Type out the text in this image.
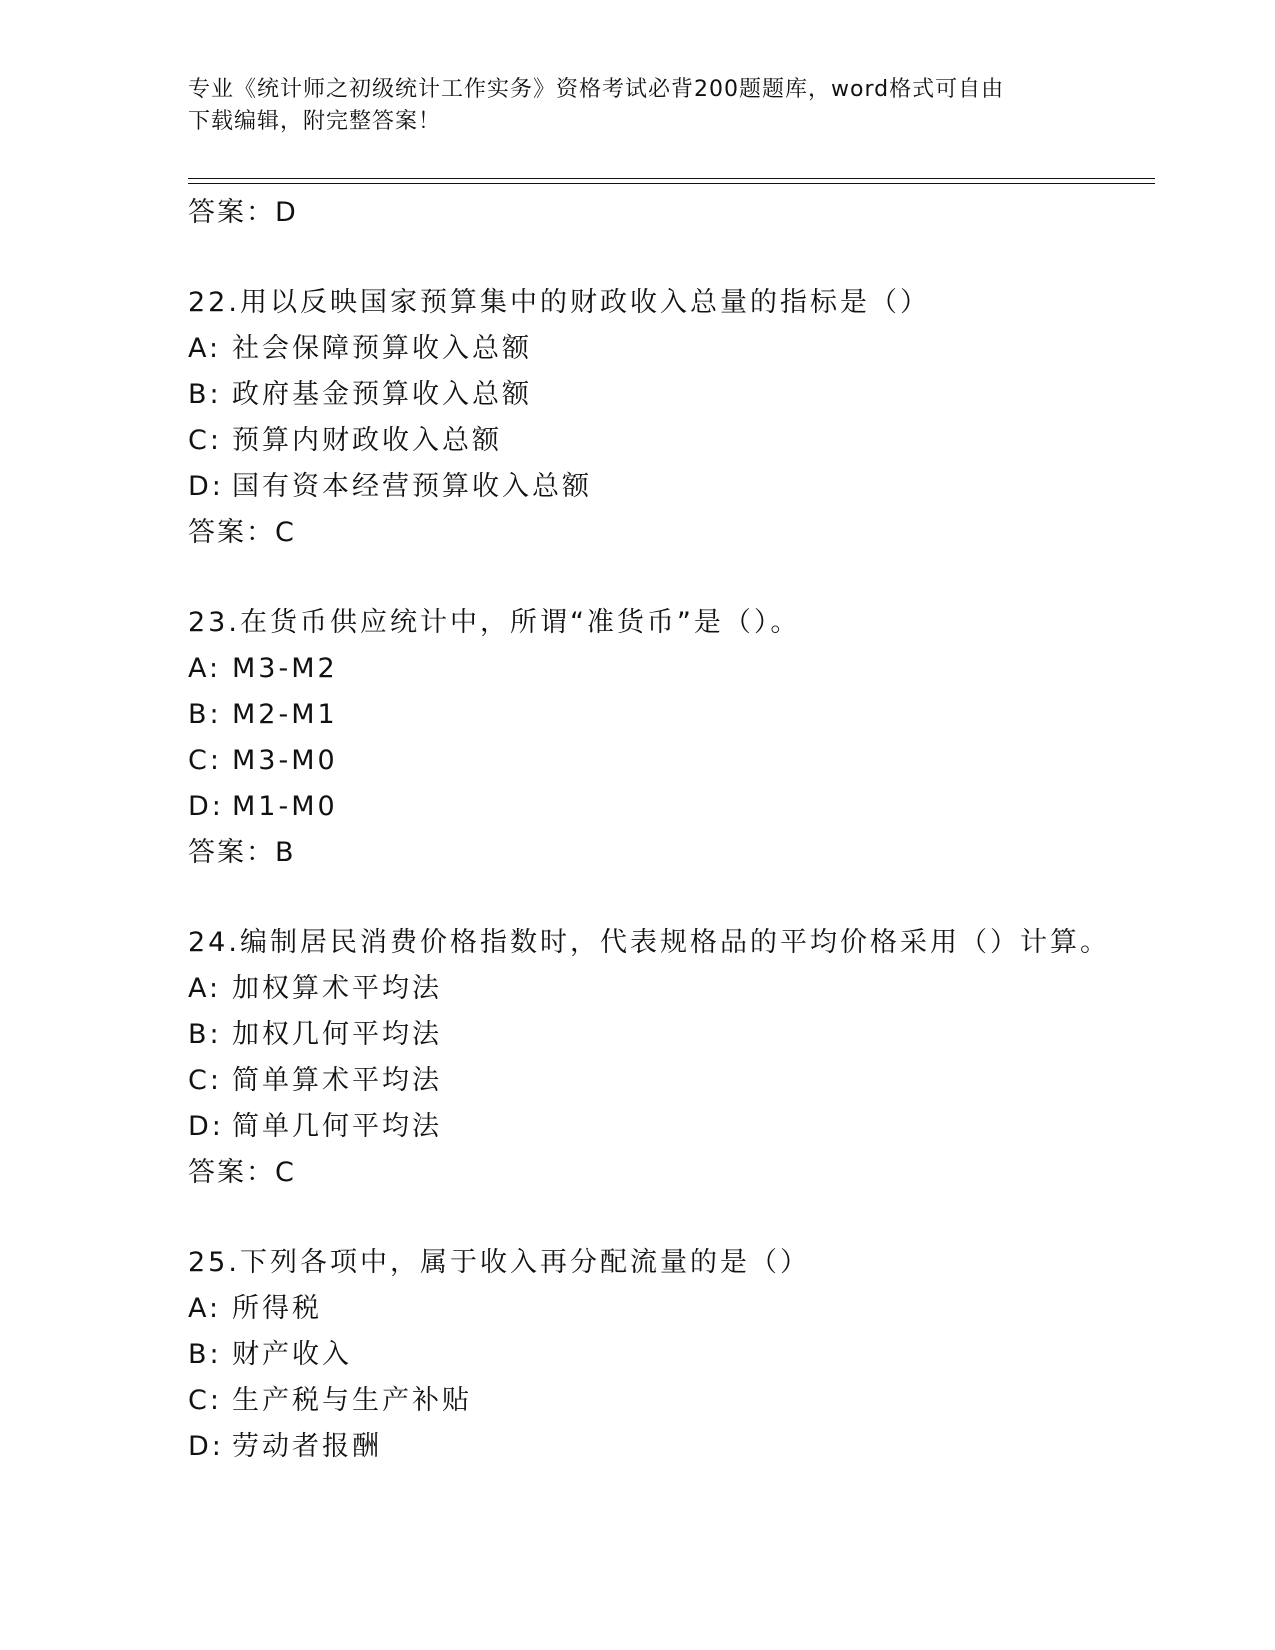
专业《统计师之初级统计工作实务》资格考试必背200题题库，word格式可自由
下载编辑，附完整答案！
答案：D
22.用以反映国家预算集中的财政收入总量的指标是（）
A: 社会保障预算收入总额
B: 政府基金预算收入总额
C: 预算内财政收入总额
D: 国有资本经营预算收入总额
答案：C
23.在货币供应统计中，所谓“准货币”是（）。
A: M3-M2
B: M2-M1
C: M3-M0
D: M1-M0
答案：B
24.编制居民消费价格指数时，代表规格品的平均价格采用（）计算。
A: 加权算术平均法
B: 加权几何平均法
C: 简单算术平均法
D: 简单几何平均法
答案：C
25.下列各项中，属于收入再分配流量的是（）
A: 所得税
B: 财产收入
C: 生产税与生产补贴
D: 劳动者报酬
